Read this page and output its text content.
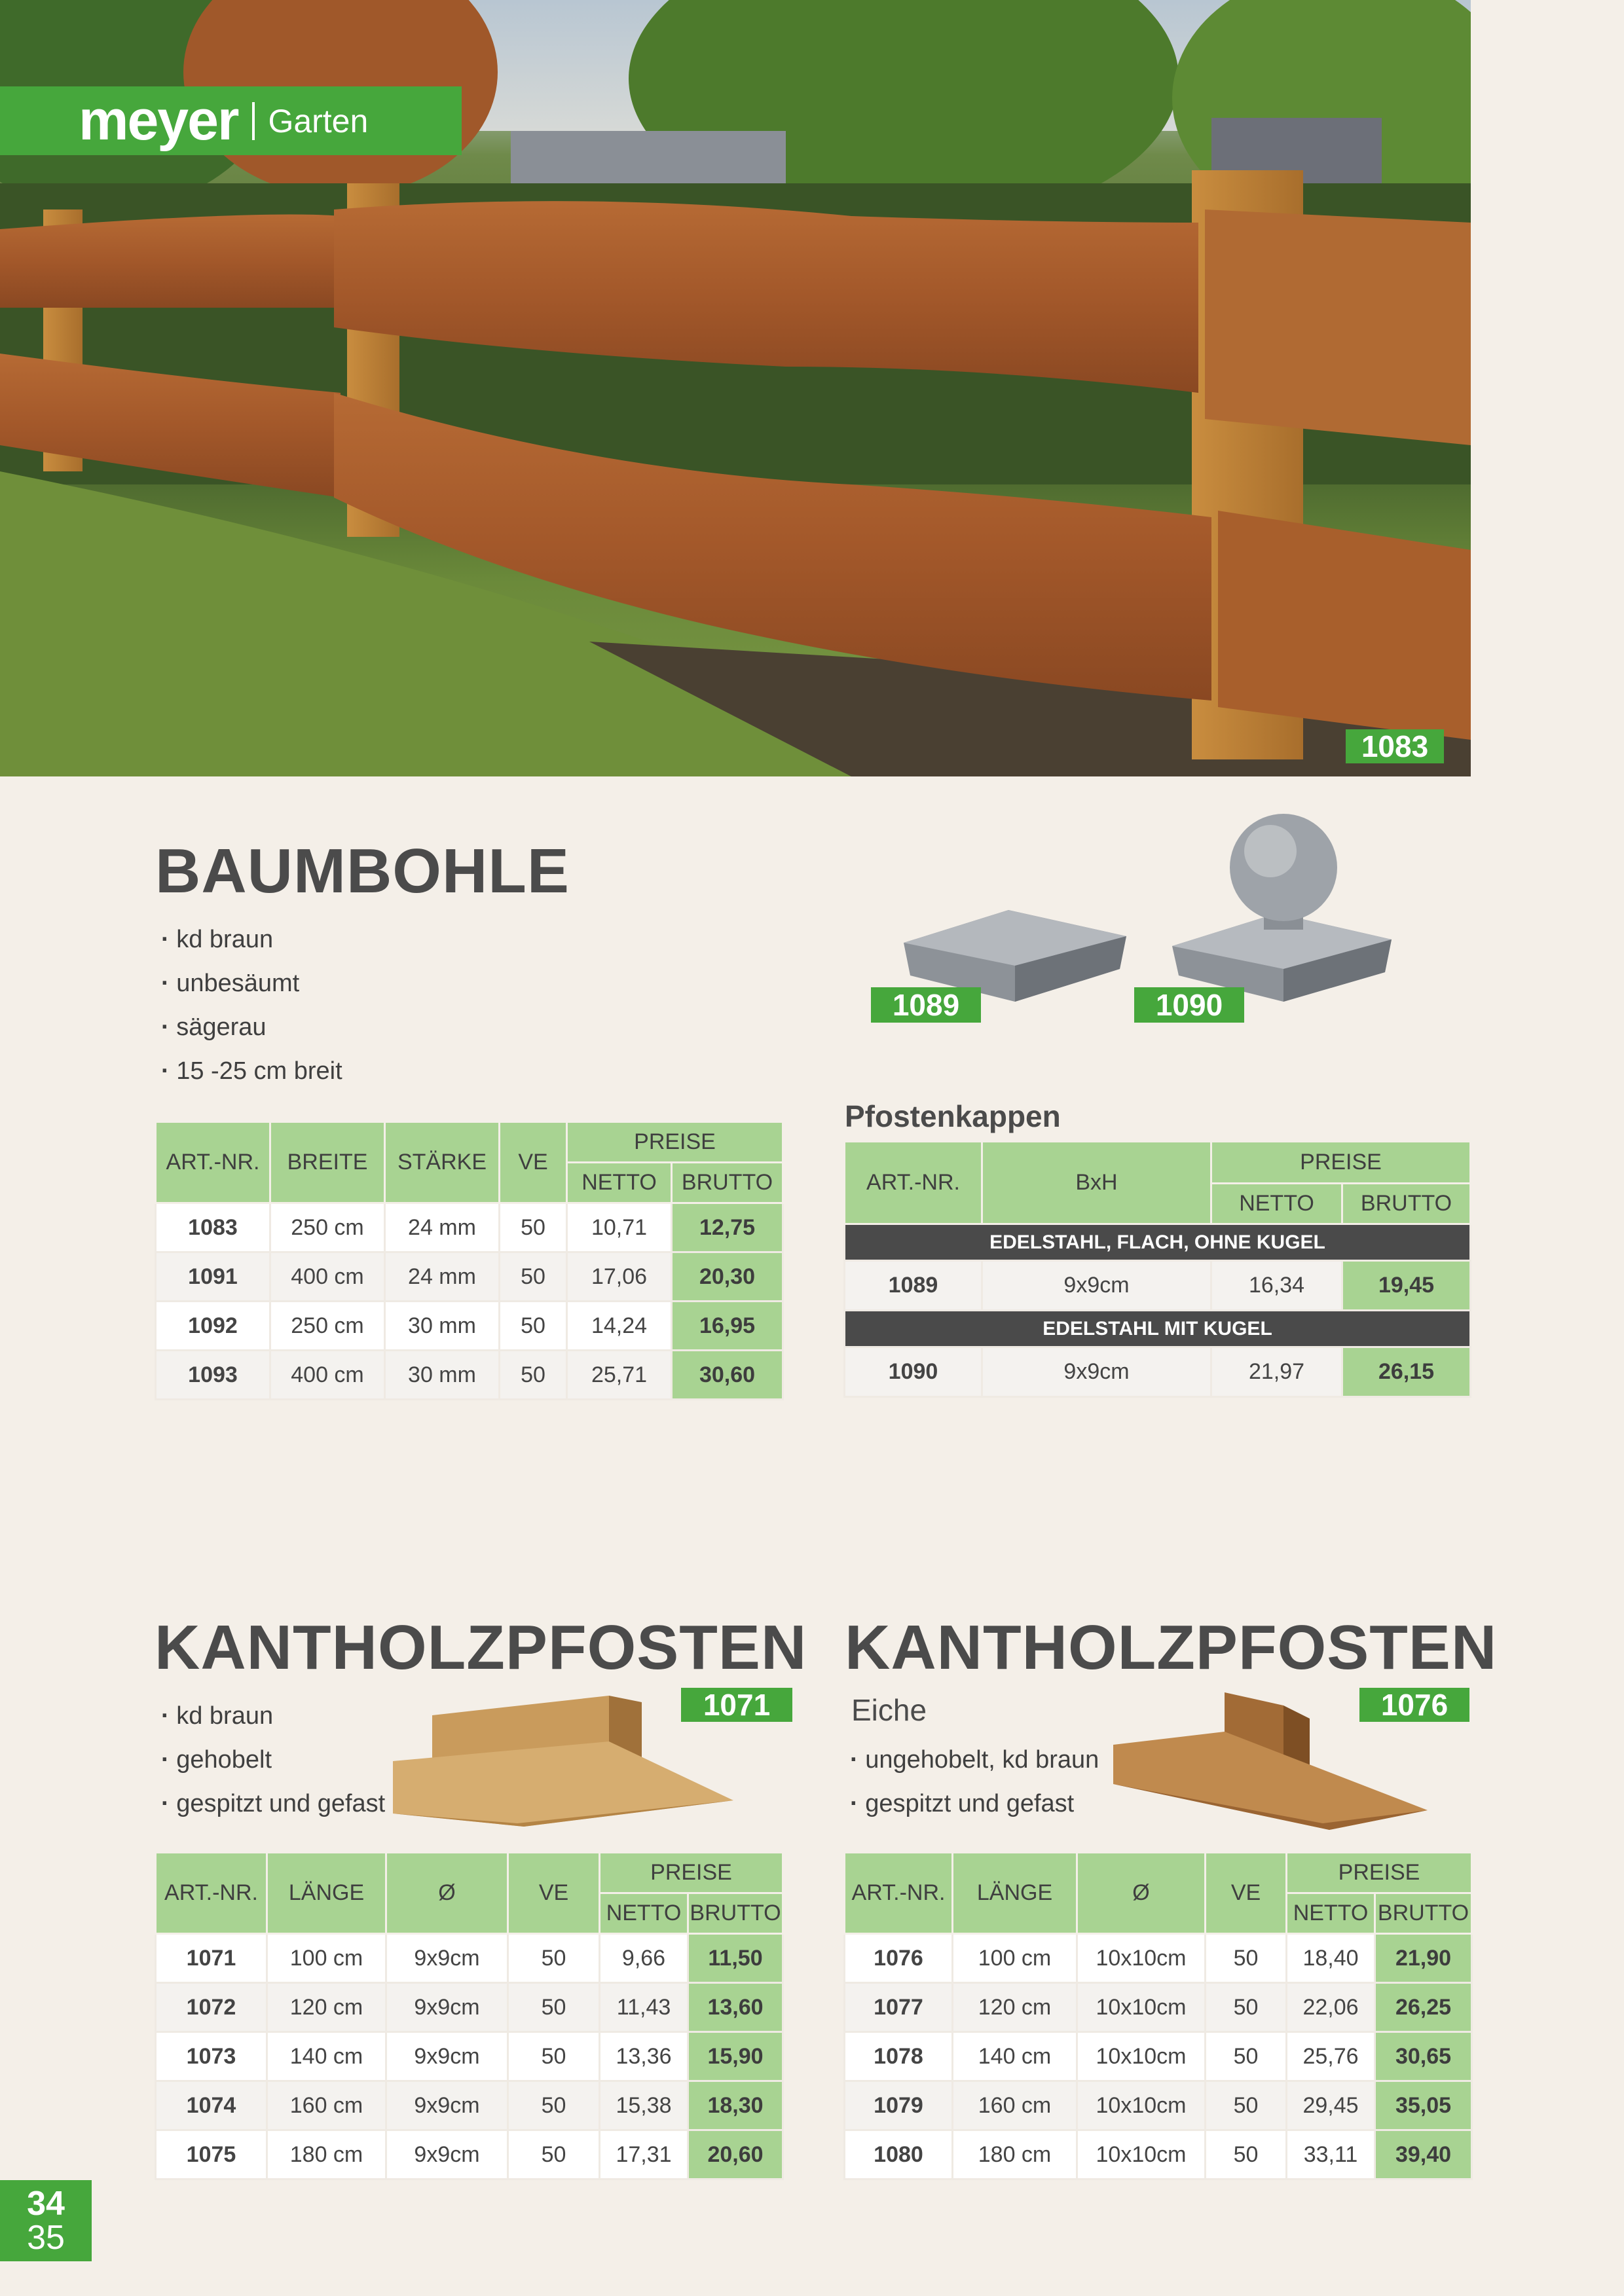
meyer Garten
1083
BAUMBOHLE
· kd braun
· unbesäumt
· sägerau
· 15 -25 cm breit
ART.-NR.	BREITE	STÄRKE	VE	PREISE	
				NETTO	BRUTTO
1083	250 cm	24 mm	50	10,71	12,75
1091	400 cm	24 mm	50	17,06	20,30
1092	250 cm	30 mm	50	14,24	16,95
1093	400 cm	30 mm	50	25,71	30,60
1089	1090
Pfostenkappen
ART.-NR.	BxH	PREISE	
		NETTO	BRUTTO
EDELSTAHL, FLACH, OHNE KUGEL			
1089	9x9cm	16,34	19,45
EDELSTAHL MIT KUGEL			
1090	9x9cm	21,97	26,15
KANTHOLZPFOSTEN
1071
· kd braun
· gehobelt
· gespitzt und gefast
ART.-NR.	LÄNGE	Ø	VE	PREISE	
				NETTO	BRUTTO
1071	100 cm	9x9cm	50	9,66	11,50
1072	120 cm	9x9cm	50	11,43	13,60
1073	140 cm	9x9cm	50	13,36	15,90
1074	160 cm	9x9cm	50	15,38	18,30
1075	180 cm	9x9cm	50	17,31	20,60
KANTHOLZPFOSTEN
1076
Eiche
· ungehobelt, kd braun
· gespitzt und gefast
ART.-NR.	LÄNGE	Ø	VE	PREISE	
				NETTO	BRUTTO
1076	100 cm	10x10cm	50	18,40	21,90
1077	120 cm	10x10cm	50	22,06	26,25
1078	140 cm	10x10cm	50	25,76	30,65
1079	160 cm	10x10cm	50	29,45	35,05
1080	180 cm	10x10cm	50	33,11	39,40
34
35
